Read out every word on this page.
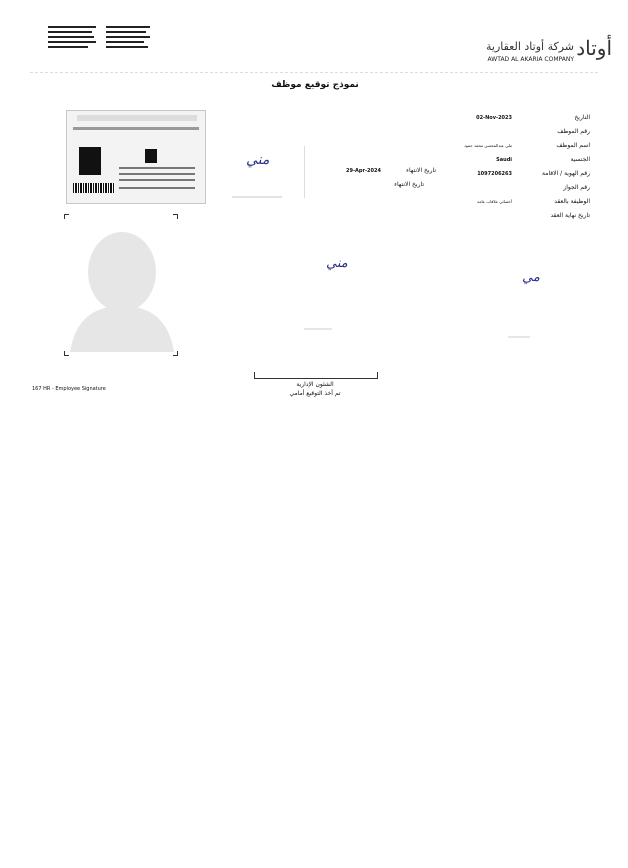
شركة أوتاد العقارية
AWTAD AL AKARIA COMPANY أوتاد
نموذج توقيع موظف
مني
29-Apr-2024	تاريخ الانتهاء
تاريخ الانتهاء
التاريخ
02-Nov-2023
رقم الموظف
اسم الموظف
ملي عبدالمحسن محمد حمود
الجنسية
Saudi
رقم الهوية / الاقامة
1097206263
رقم الجواز
الوظيفة بالعقد
أخصائي علاقات عامة
تاريخ نهاية العقد
مني
مي
الشئون الإدارية
تم أخذ التوقيع أمامي
167 HR - Employee Signature
